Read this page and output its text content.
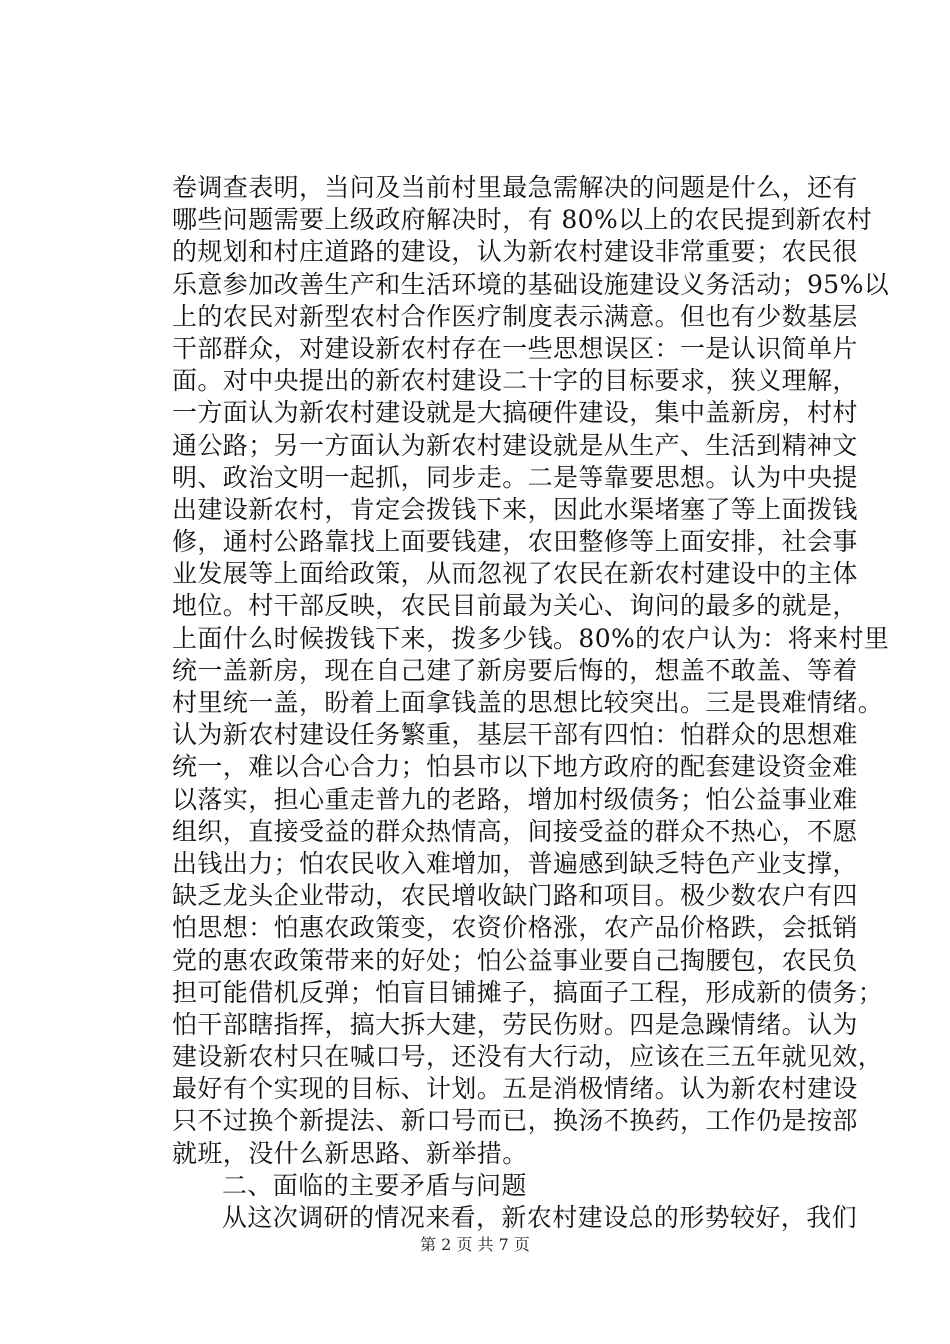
卷调查表明，当问及当前村里最急需解决的问题是什么，还有
哪些问题需要上级政府解决时，有 80%以上的农民提到新农村
的规划和村庄道路的建设，认为新农村建设非常重要；农民很
乐意参加改善生产和生活环境的基础设施建设义务活动；95%以
上的农民对新型农村合作医疗制度表示满意。但也有少数基层
干部群众，对建设新农村存在一些思想误区：一是认识简单片
面。对中央提出的新农村建设二十字的目标要求，狭义理解，
一方面认为新农村建设就是大搞硬件建设，集中盖新房，村村
通公路；另一方面认为新农村建设就是从生产、生活到精神文
明、政治文明一起抓，同步走。二是等靠要思想。认为中央提
出建设新农村，肯定会拨钱下来，因此水渠堵塞了等上面拨钱
修，通村公路靠找上面要钱建，农田整修等上面安排，社会事
业发展等上面给政策，从而忽视了农民在新农村建设中的主体
地位。村干部反映，农民目前最为关心、询问的最多的就是，
上面什么时候拨钱下来，拨多少钱。80%的农户认为：将来村里
统一盖新房，现在自己建了新房要后悔的，想盖不敢盖、等着
村里统一盖，盼着上面拿钱盖的思想比较突出。三是畏难情绪。
认为新农村建设任务繁重，基层干部有四怕：怕群众的思想难
统一，难以合心合力；怕县市以下地方政府的配套建设资金难
以落实，担心重走普九的老路，增加村级债务；怕公益事业难
组织，直接受益的群众热情高，间接受益的群众不热心，不愿
出钱出力；怕农民收入难增加，普遍感到缺乏特色产业支撑，
缺乏龙头企业带动，农民增收缺门路和项目。极少数农户有四
怕思想：怕惠农政策变，农资价格涨，农产品价格跌，会抵销
党的惠农政策带来的好处；怕公益事业要自己掏腰包，农民负
担可能借机反弹；怕盲目铺摊子，搞面子工程，形成新的债务；
怕干部瞎指挥，搞大拆大建，劳民伤财。四是急躁情绪。认为
建设新农村只在喊口号，还没有大行动，应该在三五年就见效，
最好有个实现的目标、计划。五是消极情绪。认为新农村建设
只不过换个新提法、新口号而已，换汤不换药，工作仍是按部
就班，没什么新思路、新举措。
二、面临的主要矛盾与问题
从这次调研的情况来看，新农村建设总的形势较好，我们
第 2 页 共 7 页
